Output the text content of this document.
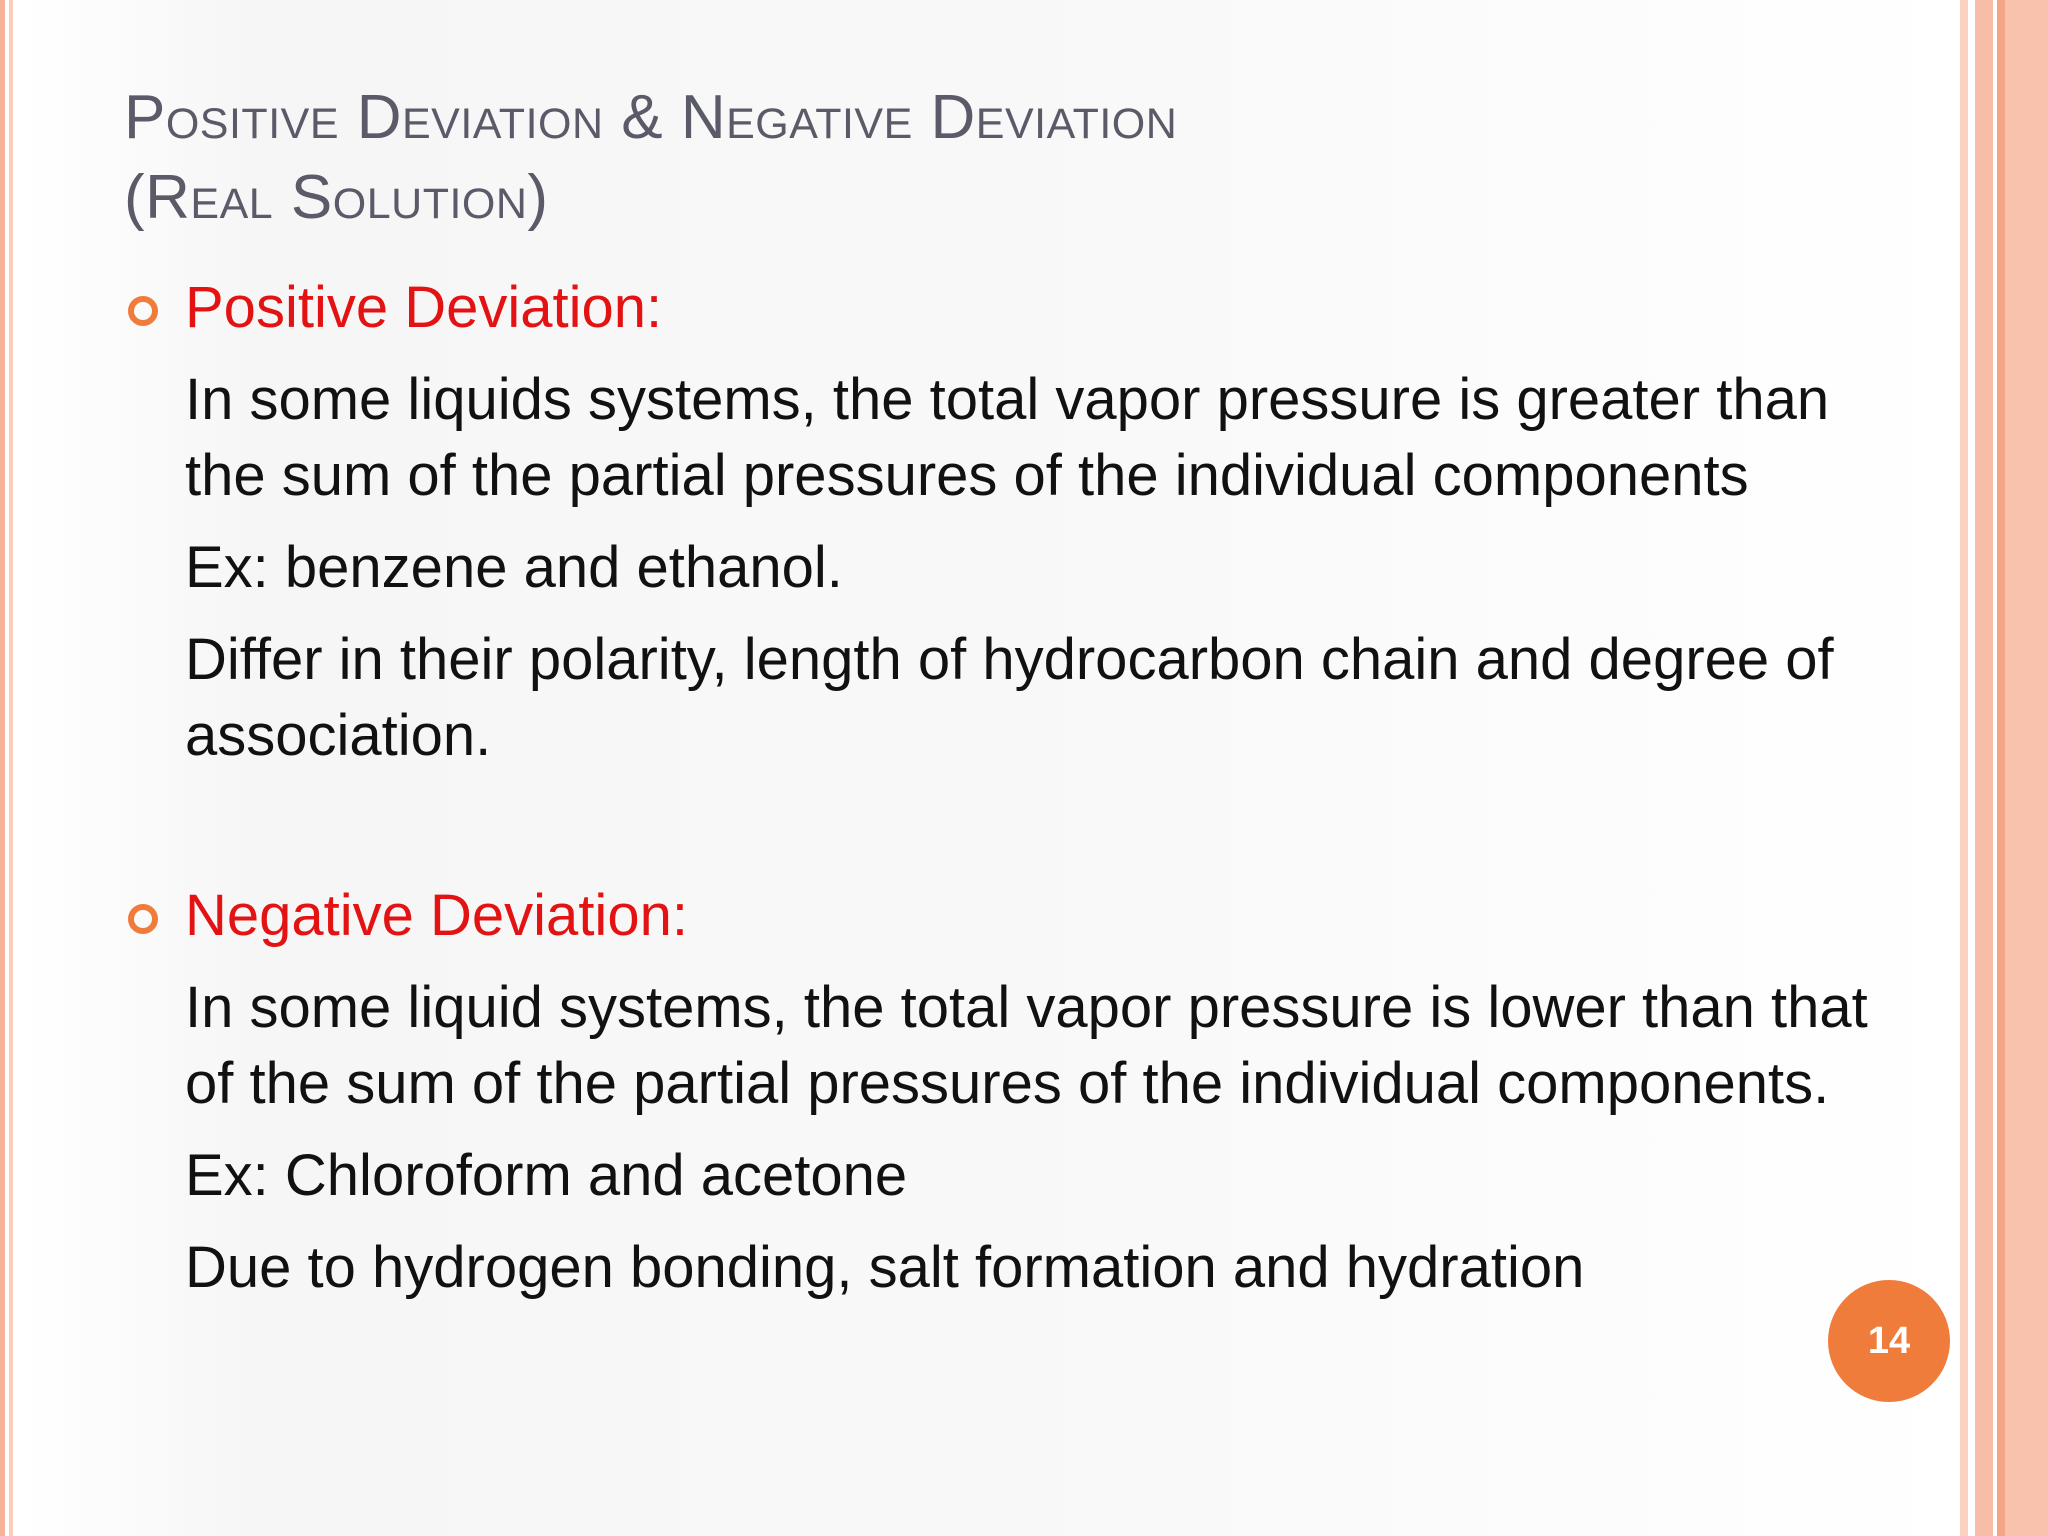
Positive Deviation & Negative Deviation
(Real Solution)
Positive Deviation:

In some liquids systems, the total vapor pressure is greater than the sum of the partial pressures of the individual components

Ex: benzene and ethanol.

Differ in their polarity, length of hydrocarbon chain and degree of association.

Negative Deviation:

In some liquid systems, the total vapor pressure is lower than that of the sum of the partial pressures of the individual components.

Ex: Chloroform and acetone

Due to hydrogen bonding, salt formation and hydration

14
